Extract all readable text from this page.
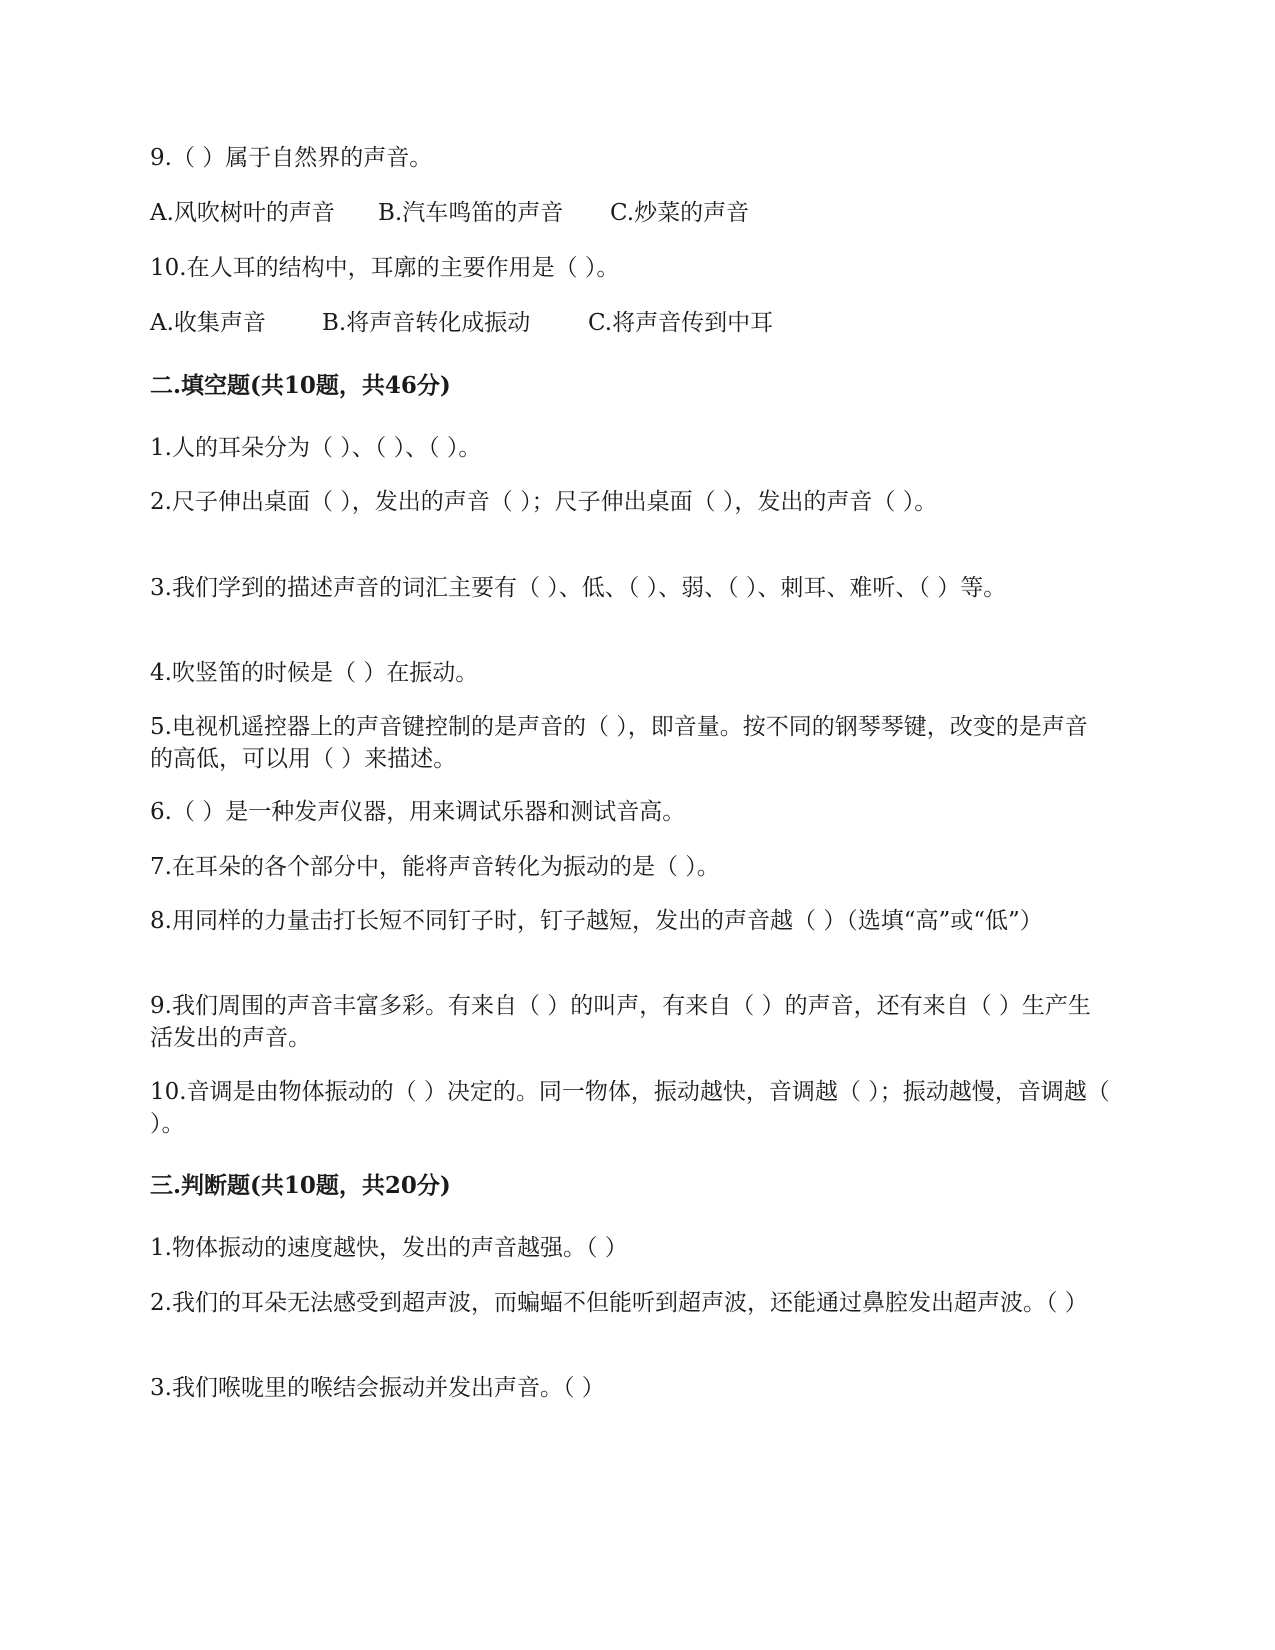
9.（ ）属于自然界的声音。
A.风吹树叶的声音 B.汽车鸣笛的声音 C.炒菜的声音
10.在人耳的结构中，耳廓的主要作用是（ ）。
A.收集声音 B.将声音转化成振动	C.将声音传到中耳
二.填空题(共10题，共46分)
1.人的耳朵分为（ ）、（ ）、（ ）。
2.尺子伸出桌面（ ），发出的声音（ ）；尺子伸出桌面（ ），发出的声音（ ）。
3.我们学到的描述声音的词汇主要有（ ）、低、（ ）、弱、（ ）、刺耳、难听、（ ）等。
4.吹竖笛的时候是（ ）在振动。
5.电视机遥控器上的声音键控制的是声音的（ ），即音量。按不同的钢琴琴键，改变的是声音的高低，可以用（ ）来描述。
6.（ ）是一种发声仪器，用来调试乐器和测试音高。
7.在耳朵的各个部分中，能将声音转化为振动的是（ ）。
8.用同样的力量击打长短不同钉子时，钉子越短，发出的声音越（ ）（选填“高”或“低”）
9.我们周围的声音丰富多彩。有来自（ ）的叫声，有来自（ ）的声音，还有来自（ ）生产生活发出的声音。
10.音调是由物体振动的（ ）决定的。同一物体，振动越快，音调越（ ）；振动越慢，音调越（ ）。
三.判断题(共10题，共20分)
1.物体振动的速度越快，发出的声音越强。（ ）
2.我们的耳朵无法感受到超声波，而蝙蝠不但能听到超声波，还能通过鼻腔发出超声波。（ ）
3.我们喉咙里的喉结会振动并发出声音。（ ）
